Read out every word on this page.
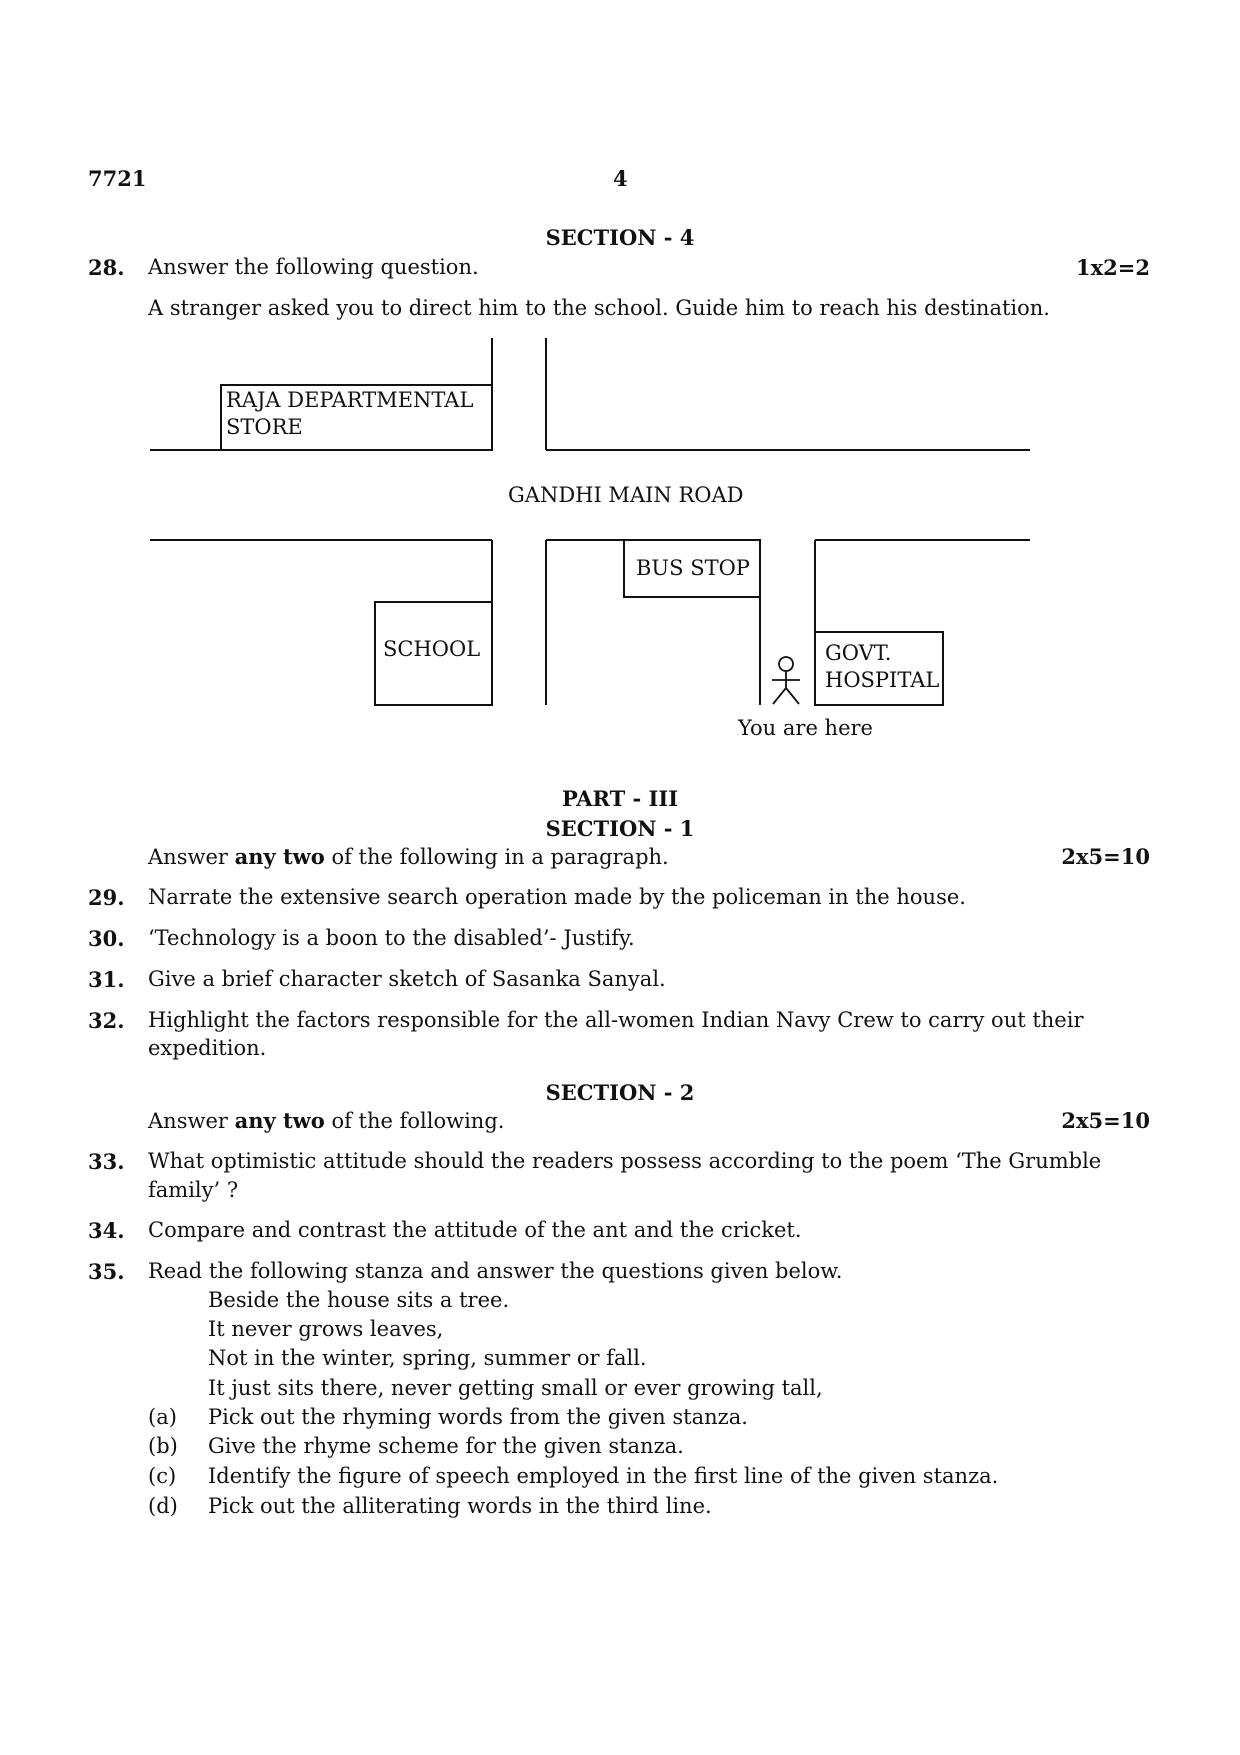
7721	4
SECTION - 4
28. Answer the following question.	1x2=2
A stranger asked you to direct him to the school. Guide him to reach his destination.
RAJA DEPARTMENTAL
STORE
GANDHI MAIN ROAD
BUS STOP
SCHOOL	GOVT.
HOSPITAL
You are here
PART - III
SECTION - 1
Answer any two of the following in a paragraph.	2x5=10
29. Narrate the extensive search operation made by the policeman in the house.
30. ‘Technology is a boon to the disabled’- Justify.
31. Give a brief character sketch of Sasanka Sanyal.
32. Highlight the factors responsible for the all-women Indian Navy Crew to carry out their
expedition.
SECTION - 2
Answer any two of the following.	2x5=10
33. What optimistic attitude should the readers possess according to the poem ‘The Grumble
family’ ?
34. Compare and contrast the attitude of the ant and the cricket.
35. Read the following stanza and answer the questions given below.
Beside the house sits a tree.
It never grows leaves,
Not in the winter, spring, summer or fall.
It just sits there, never getting small or ever growing tall,
(a) Pick out the rhyming words from the given stanza.
(b) Give the rhyme scheme for the given stanza.
(c) Identify the figure of speech employed in the first line of the given stanza.
(d) Pick out the alliterating words in the third line.
